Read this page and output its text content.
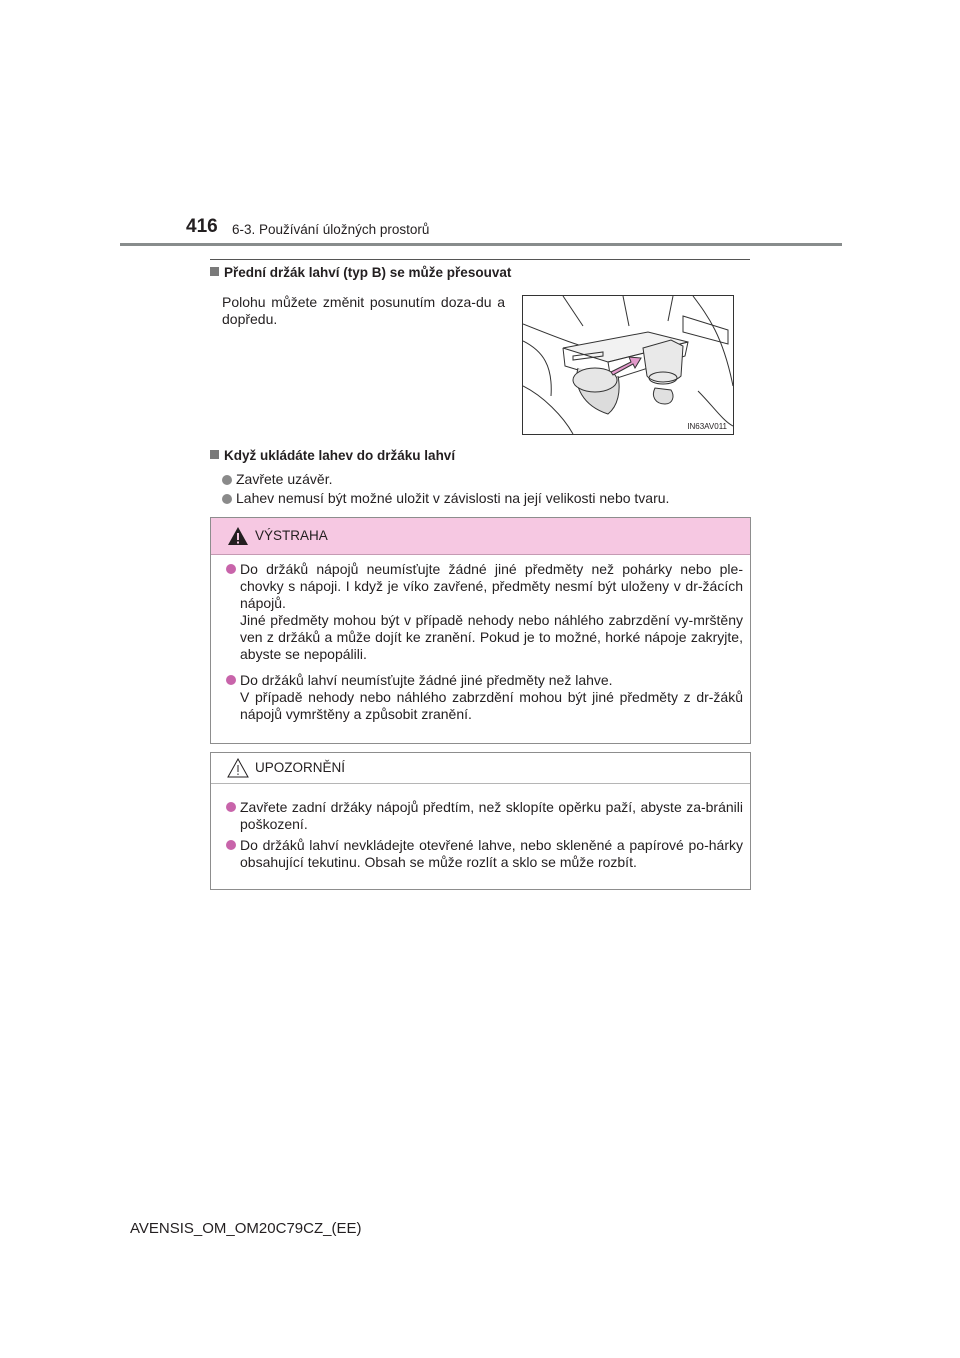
416 6-3. Používání úložných prostorů
Přední držák lahví (typ B) se může přesouvat
Polohu můžete změnit posunutím doza-du a dopředu.
IN63AV011
Když ukládáte lahev do držáku lahví
Zavřete uzávěr.
Lahev nemusí být možné uložit v závislosti na její velikosti nebo tvaru.
VÝSTRAHA
Do držáků nápojů neumísťujte žádné jiné předměty než pohárky nebo ple-chovky s nápoji. I když je víko zavřené, předměty nesmí být uloženy v dr-žácích nápojů.
Jiné předměty mohou být v případě nehody nebo náhlého zabrzdění vy-mrštěny ven z držáků a může dojít ke zranění. Pokud je to možné, horké nápoje zakryjte, abyste se nepopálili.
Do držáků lahví neumísťujte žádné jiné předměty než lahve.
V případě nehody nebo náhlého zabrzdění mohou být jiné předměty z dr-žáků nápojů vymrštěny a způsobit zranění.
UPOZORNĚNÍ
Zavřete zadní držáky nápojů předtím, než sklopíte opěrku paží, abyste za-bránili poškození.
Do držáků lahví nevkládejte otevřené lahve, nebo skleněné a papírové po-hárky obsahující tekutinu. Obsah se může rozlít a sklo se může rozbít.
AVENSIS_OM_OM20C79CZ_(EE)
